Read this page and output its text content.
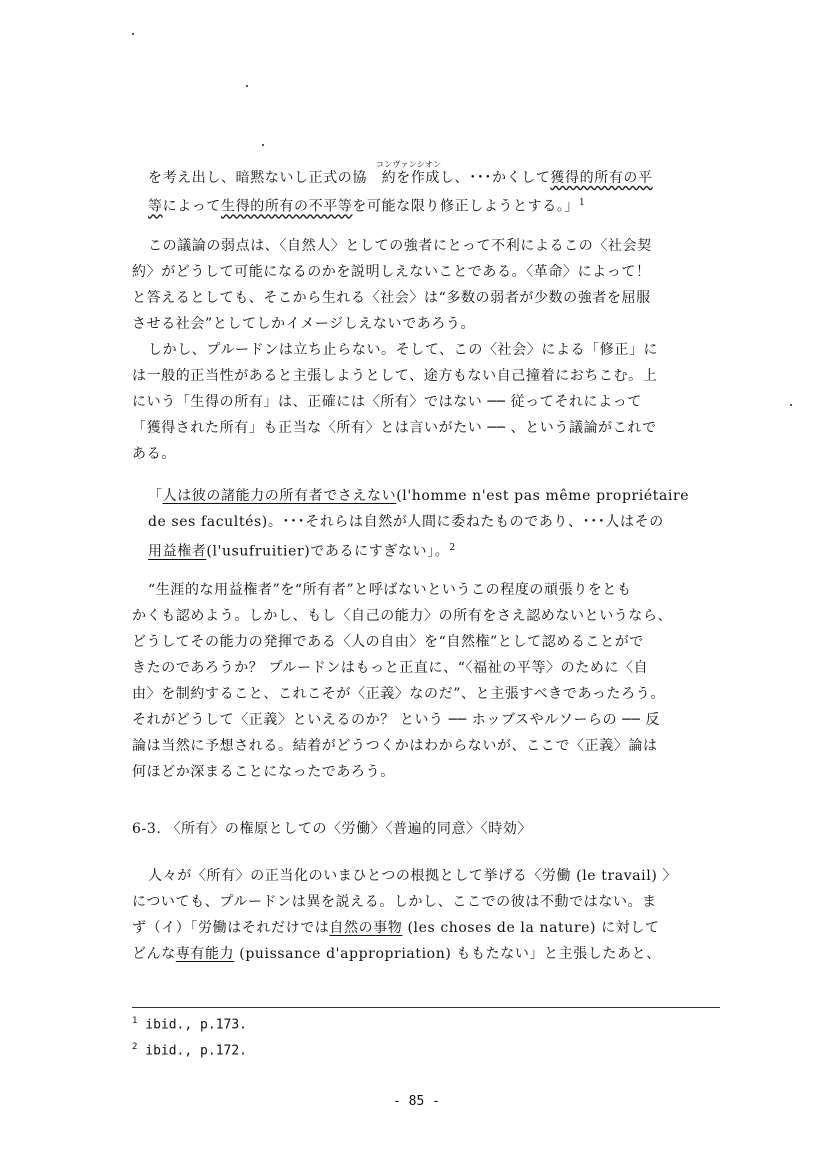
コンヴァンシオン
を考え出し、暗黙ないし正式の協　約を作成し、･･･かくして獲得的所有の平
等によって生得的所有の不平等を可能な限り修正しようとする。」$^1$
この議論の弱点は、〈自然人〉としての強者にとって不利によるこの〈社会契
約〉がどうして可能になるのかを説明しえないことである。〈革命〉によって！
と答えるとしても、そこから生れる〈社会〉は“多数の弱者が少数の強者を屈服
させる社会”としてしかイメージしえないであろう。
しかし、プルードンは立ち止らない。そして、この〈社会〉による「修正」に
は一般的正当性があると主張しようとして、途方もない自己撞着におちこむ。上
にいう「生得の所有」は、正確には〈所有〉ではない ── 従ってそれによって
「獲得された所有」も正当な〈所有〉とは言いがたい ── 、という議論がこれで
ある。
「人は彼の諸能力の所有者でさえない(l'homme n'est pas même propriétaire
de ses facultés)。･･･それらは自然が人間に委ねたものであり、･･･人はその
用益権者(l'usufruitier)であるにすぎない」。$^2$
“生涯的な用益権者”を“所有者”と呼ばないというこの程度の頑張りをとも
かくも認めよう。しかし、もし〈自己の能力〉の所有をさえ認めないというなら、
どうしてその能力の発揮である〈人の自由〉を“自然権”として認めることがで
きたのであろうか？ プルードンはもっと正直に、“〈福祉の平等〉のために〈自
由〉を制約すること、これこそが〈正義〉なのだ”、と主張すべきであったろう。
それがどうして〈正義〉といえるのか？ という ── ホッブスやルソーらの ── 反
論は当然に予想される。結着がどうつくかはわからないが、ここで〈正義〉論は
何ほどか深まることになったであろう。
6-3. 〈所有〉の権原としての〈労働〉〈普遍的同意〉〈時効〉
人々が〈所有〉の正当化のいまひとつの根拠として挙げる〈労働 (le travail) 〉
についても、プルードンは異を説える。しかし、ここでの彼は不動ではない。ま
ず（イ）「労働はそれだけでは自然の事物 (les choses de la nature) に対して
どんな専有能力 (puissance d'appropriation) ももたない」と主張したあと、
$^1$ ibid., p.173.
$^2$ ibid., p.172.
- 85 -
